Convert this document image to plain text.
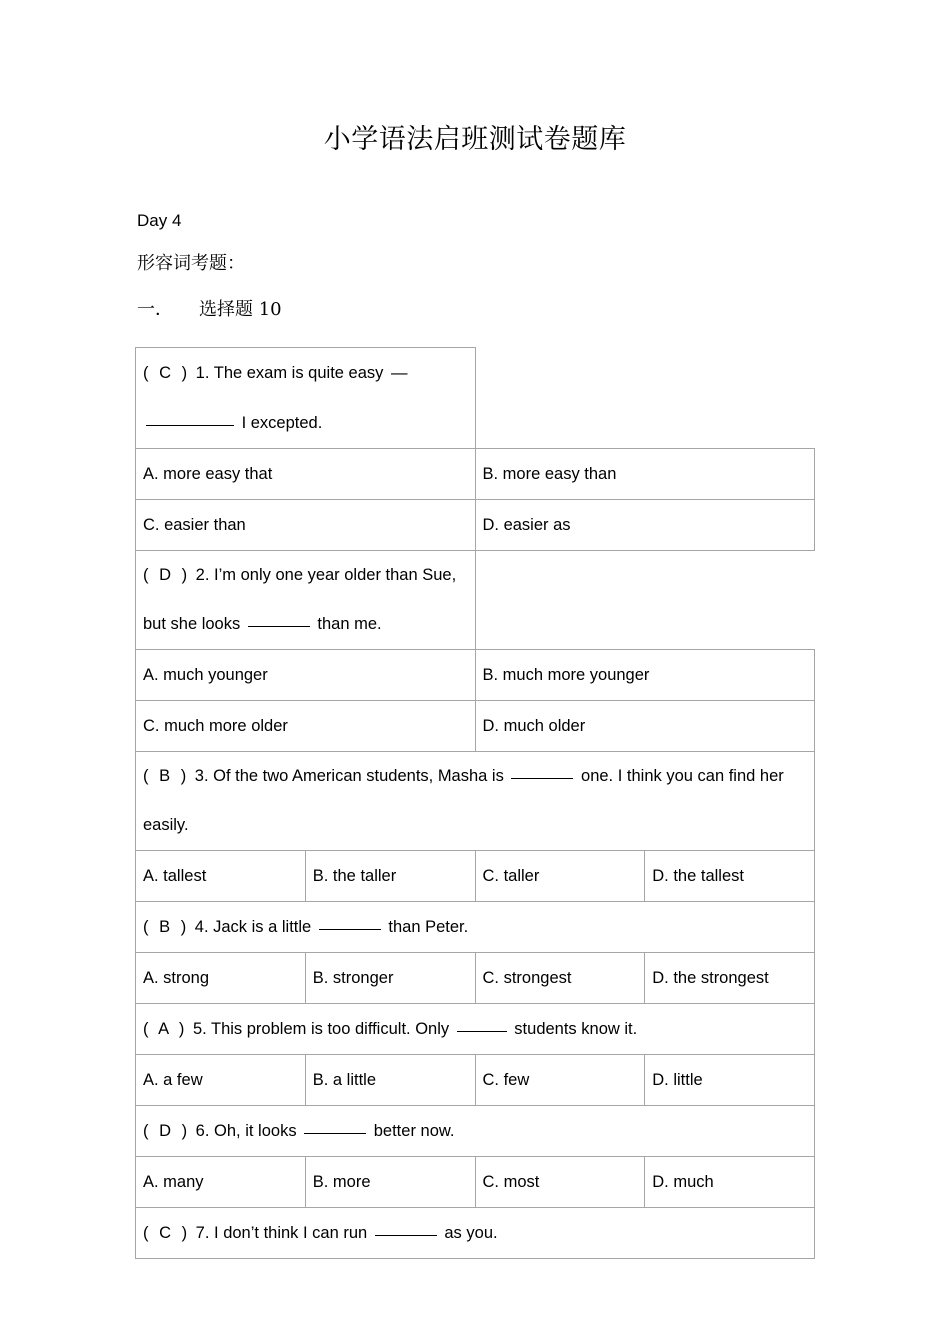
小学语法启班测试卷题库

Day 4

形容词考题：

一． 选择题 10

( C ) 1. The exam is quite easy —  I excepted.			
A. more easy that		B. more easy than	
C. easier than		D. easier as	
( D ) 2. I’m only one year older than Sue, but she looks than me.			
A. much younger		B. much more younger	
C. much more older		D. much older	
( B ) 3. Of the two American students, Masha is one. I think you can find her easily.			
A. tallest	B. the taller	C. taller	D. the tallest
( B ) 4. Jack is a little than Peter.			
A. strong	B. stronger	C. strongest	D. the strongest
( A ) 5. This problem is too difficult. Only students know it.			
A. a few	B. a little	C. few	D. little
( D ) 6. Oh, it looks better now.			
A. many	B. more	C. most	D. much
( C ) 7. I don’t think I can run as you.			
